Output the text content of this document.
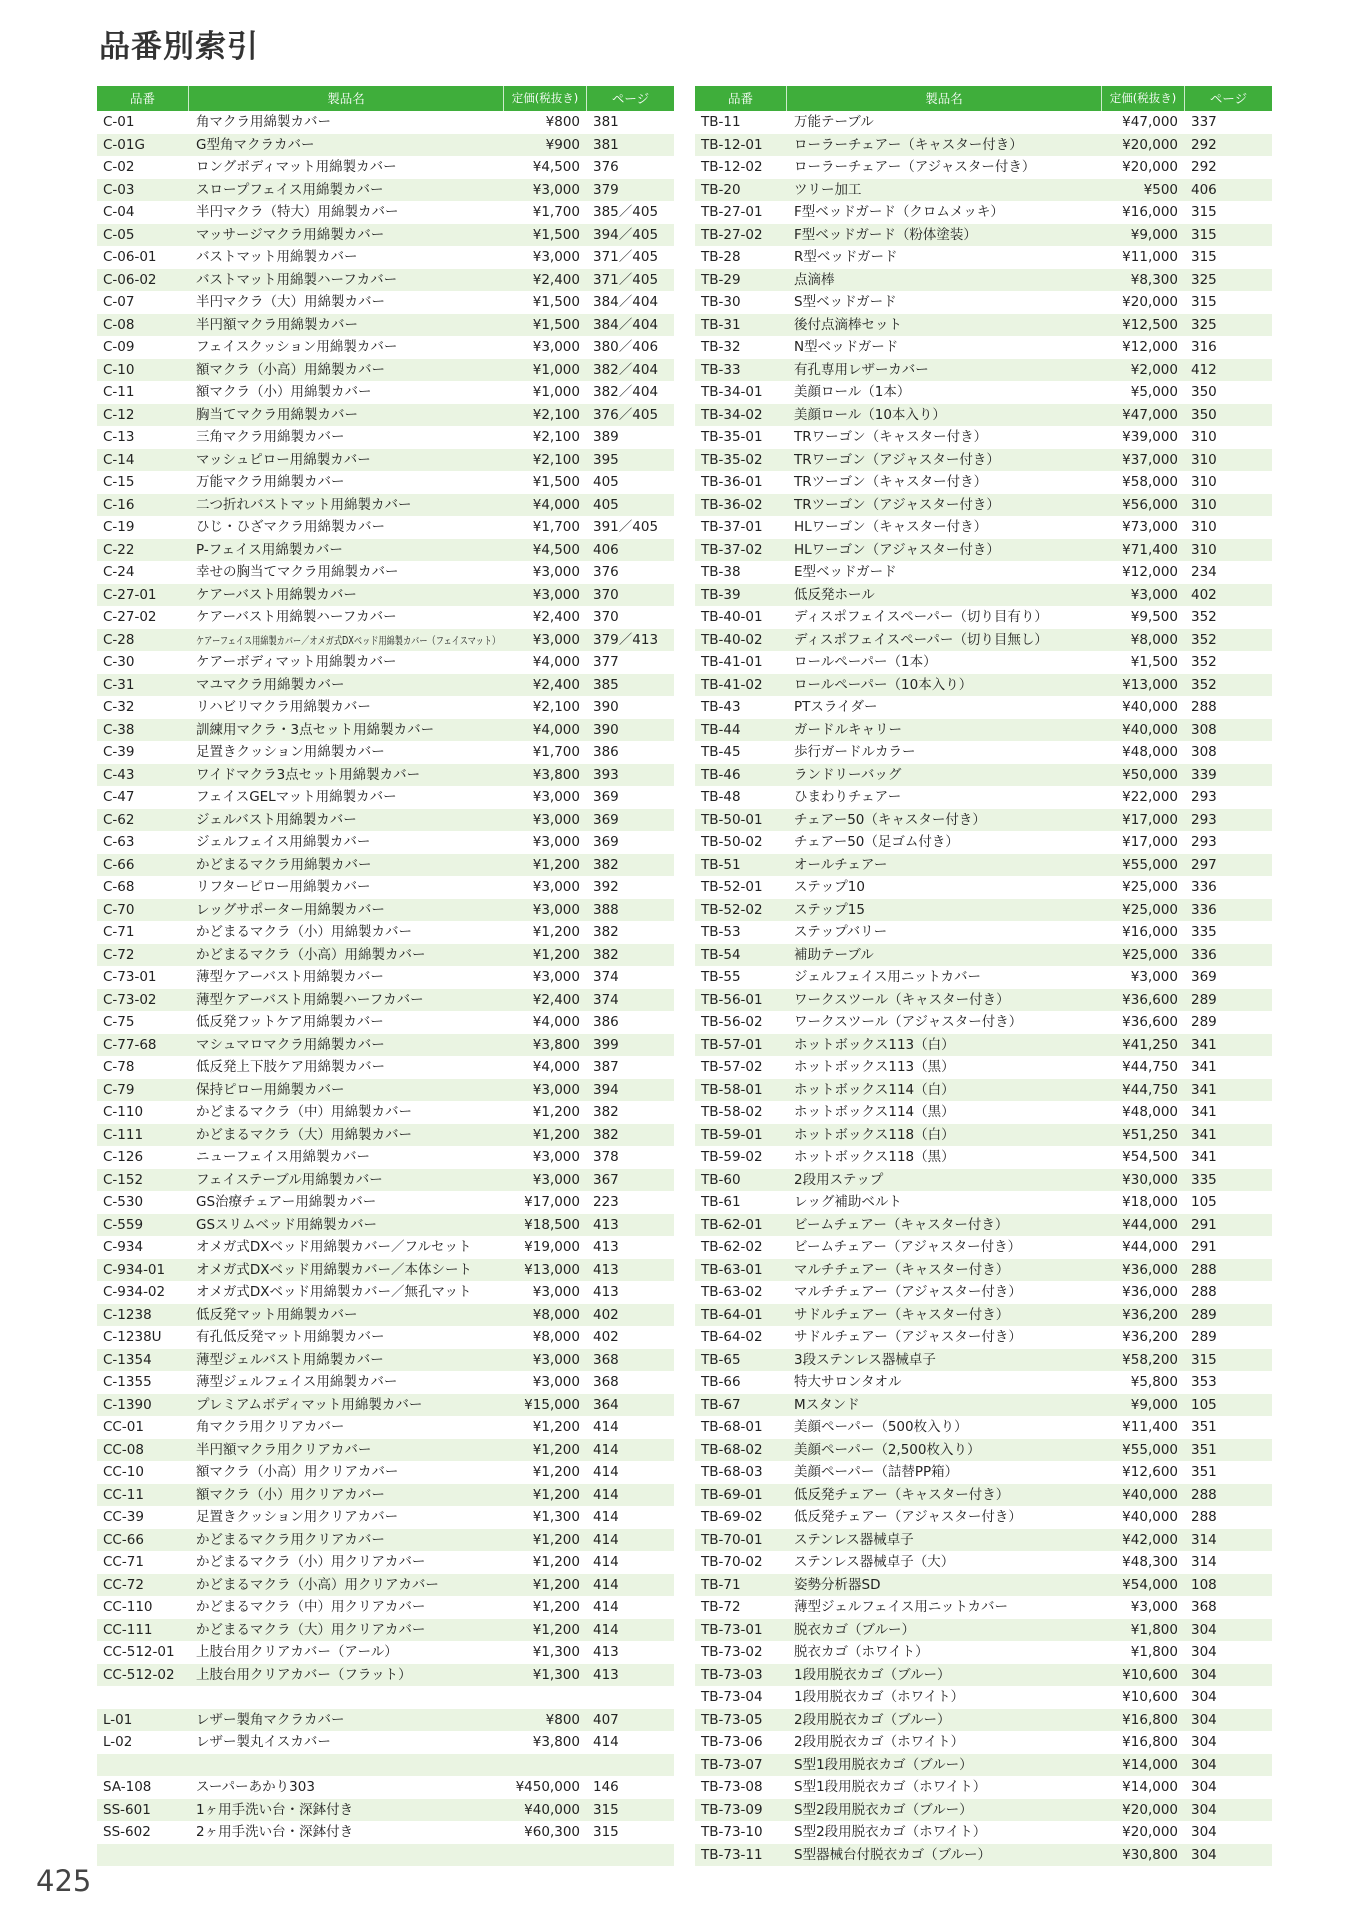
品番別索引
品番	製品名	定価(税抜き)	ページ
C-01	角マクラ用綿製カバー	¥800 381
C-01G	G型角マクラカバー	¥900 381
C-02	ロングボディマット用綿製カバー	¥4,500 376
C-03	スロープフェイス用綿製カバー	¥3,000 379
C-04	半円マクラ（特大）用綿製カバー	¥1,700 385／405
C-05	マッサージマクラ用綿製カバー	¥1,500 394／405
C-06-01	バストマット用綿製カバー	¥3,000 371／405
C-06-02	バストマット用綿製ハーフカバー	¥2,400 371／405
C-07	半円マクラ（大）用綿製カバー	¥1,500 384／404
C-08	半円額マクラ用綿製カバー	¥1,500 384／404
C-09	フェイスクッション用綿製カバー	¥3,000 380／406
C-10	額マクラ（小高）用綿製カバー	¥1,000 382／404
C-11	額マクラ（小）用綿製カバー	¥1,000 382／404
C-12	胸当てマクラ用綿製カバー	¥2,100 376／405
C-13	三角マクラ用綿製カバー	¥2,100 389
C-14	マッシュピロー用綿製カバー	¥2,100 395
C-15	万能マクラ用綿製カバー	¥1,500 405
C-16	二つ折れバストマット用綿製カバー	¥4,000 405
C-19	ひじ・ひざマクラ用綿製カバー	¥1,700 391／405
C-22	P-フェイス用綿製カバー	¥4,500 406
C-24	幸せの胸当てマクラ用綿製カバー	¥3,000 376
C-27-01	ケアーバスト用綿製カバー	¥3,000 370
C-27-02	ケアーバスト用綿製ハーフカバー	¥2,400 370
C-28	ケアーフェイス用綿製カバー／オメガ式DXベッド用綿製カバー（フェイスマット）	¥3,000 379／413
C-30	ケアーボディマット用綿製カバー	¥4,000 377
C-31	マユマクラ用綿製カバー	¥2,400 385
C-32	リハビリマクラ用綿製カバー	¥2,100 390
C-38	訓練用マクラ・3点セット用綿製カバー	¥4,000 390
C-39	足置きクッション用綿製カバー	¥1,700 386
C-43	ワイドマクラ3点セット用綿製カバー	¥3,800 393
C-47	フェイスGELマット用綿製カバー	¥3,000 369
C-62	ジェルバスト用綿製カバー	¥3,000 369
C-63	ジェルフェイス用綿製カバー	¥3,000 369
C-66	かどまるマクラ用綿製カバー	¥1,200 382
C-68	リフターピロー用綿製カバー	¥3,000 392
C-70	レッグサポーター用綿製カバー	¥3,000 388
C-71	かどまるマクラ（小）用綿製カバー	¥1,200 382
C-72	かどまるマクラ（小高）用綿製カバー	¥1,200 382
C-73-01	薄型ケアーバスト用綿製カバー	¥3,000 374
C-73-02	薄型ケアーバスト用綿製ハーフカバー	¥2,400 374
C-75	低反発フットケア用綿製カバー	¥4,000 386
C-77-68	マシュマロマクラ用綿製カバー	¥3,800 399
C-78	低反発上下肢ケア用綿製カバー	¥4,000 387
C-79	保持ピロー用綿製カバー	¥3,000 394
C-110	かどまるマクラ（中）用綿製カバー	¥1,200 382
C-111	かどまるマクラ（大）用綿製カバー	¥1,200 382
C-126	ニューフェイス用綿製カバー	¥3,000 378
C-152	フェイステーブル用綿製カバー	¥3,000 367
C-530	GS治療チェアー用綿製カバー	¥17,000 223
C-559	GSスリムベッド用綿製カバー	¥18,500 413
C-934	オメガ式DXベッド用綿製カバー／フルセット	¥19,000 413
C-934-01	オメガ式DXベッド用綿製カバー／本体シート	¥13,000 413
C-934-02	オメガ式DXベッド用綿製カバー／無孔マット	¥3,000 413
C-1238	低反発マット用綿製カバー	¥8,000 402
C-1238U	有孔低反発マット用綿製カバー	¥8,000 402
C-1354	薄型ジェルバスト用綿製カバー	¥3,000 368
C-1355	薄型ジェルフェイス用綿製カバー	¥3,000 368
C-1390	プレミアムボディマット用綿製カバー	¥15,000 364
CC-01	角マクラ用クリアカバー	¥1,200 414
CC-08	半円額マクラ用クリアカバー	¥1,200 414
CC-10	額マクラ（小高）用クリアカバー	¥1,200 414
CC-11	額マクラ（小）用クリアカバー	¥1,200 414
CC-39	足置きクッション用クリアカバー	¥1,300 414
CC-66	かどまるマクラ用クリアカバー	¥1,200 414
CC-71	かどまるマクラ（小）用クリアカバー	¥1,200 414
CC-72	かどまるマクラ（小高）用クリアカバー	¥1,200 414
CC-110	かどまるマクラ（中）用クリアカバー	¥1,200 414
CC-111	かどまるマクラ（大）用クリアカバー	¥1,200 414
CC-512-01	上肢台用クリアカバー（アール）	¥1,300 413
CC-512-02	上肢台用クリアカバー（フラット）	¥1,300 413
L-01	レザー製角マクラカバー	¥800 407
L-02	レザー製丸イスカバー	¥3,800 414
SA-108	スーパーあかり303	¥450,000 146
SS-601	1ヶ用手洗い台・深鉢付き	¥40,000 315
SS-602	2ヶ用手洗い台・深鉢付き	¥60,300 315
品番	製品名	定価(税抜き)	ページ
TB-11	万能テーブル	¥47,000 337
TB-12-01	ローラーチェアー（キャスター付き）	¥20,000 292
TB-12-02	ローラーチェアー（アジャスター付き）	¥20,000 292
TB-20	ツリー加工	¥500 406
TB-27-01	F型ベッドガード（クロムメッキ）	¥16,000 315
TB-27-02	F型ベッドガード（粉体塗装）	¥9,000 315
TB-28	R型ベッドガード	¥11,000 315
TB-29	点滴棒	¥8,300 325
TB-30	S型ベッドガード	¥20,000 315
TB-31	後付点滴棒セット	¥12,500 325
TB-32	N型ベッドガード	¥12,000 316
TB-33	有孔専用レザーカバー	¥2,000 412
TB-34-01	美顔ロール（1本）	¥5,000 350
TB-34-02	美顔ロール（10本入り）	¥47,000 350
TB-35-01	TRワーゴン（キャスター付き）	¥39,000 310
TB-35-02	TRワーゴン（アジャスター付き）	¥37,000 310
TB-36-01	TRツーゴン（キャスター付き）	¥58,000 310
TB-36-02	TRツーゴン（アジャスター付き）	¥56,000 310
TB-37-01	HLワーゴン（キャスター付き）	¥73,000 310
TB-37-02	HLワーゴン（アジャスター付き）	¥71,400 310
TB-38	E型ベッドガード	¥12,000 234
TB-39	低反発ホール	¥3,000 402
TB-40-01	ディスポフェイスペーパー（切り目有り）	¥9,500 352
TB-40-02	ディスポフェイスペーパー（切り目無し）	¥8,000 352
TB-41-01	ロールペーパー（1本）	¥1,500 352
TB-41-02	ロールペーパー（10本入り）	¥13,000 352
TB-43	PTスライダー	¥40,000 288
TB-44	ガードルキャリー	¥40,000 308
TB-45	歩行ガードルカラー	¥48,000 308
TB-46	ランドリーバッグ	¥50,000 339
TB-48	ひまわりチェアー	¥22,000 293
TB-50-01	チェアー50（キャスター付き）	¥17,000 293
TB-50-02	チェアー50（足ゴム付き）	¥17,000 293
TB-51	オールチェアー	¥55,000 297
TB-52-01	ステップ10	¥25,000 336
TB-52-02	ステップ15	¥25,000 336
TB-53	ステップバリー	¥16,000 335
TB-54	補助テーブル	¥25,000 336
TB-55	ジェルフェイス用ニットカバー	¥3,000 369
TB-56-01	ワークスツール（キャスター付き）	¥36,600 289
TB-56-02	ワークスツール（アジャスター付き）	¥36,600 289
TB-57-01	ホットボックス113（白）	¥41,250 341
TB-57-02	ホットボックス113（黒）	¥44,750 341
TB-58-01	ホットボックス114（白）	¥44,750 341
TB-58-02	ホットボックス114（黒）	¥48,000 341
TB-59-01	ホットボックス118（白）	¥51,250 341
TB-59-02	ホットボックス118（黒）	¥54,500 341
TB-60	2段用ステップ	¥30,000 335
TB-61	レッグ補助ベルト	¥18,000 105
TB-62-01	ビームチェアー（キャスター付き）	¥44,000 291
TB-62-02	ビームチェアー（アジャスター付き）	¥44,000 291
TB-63-01	マルチチェアー（キャスター付き）	¥36,000 288
TB-63-02	マルチチェアー（アジャスター付き）	¥36,000 288
TB-64-01	サドルチェアー（キャスター付き）	¥36,200 289
TB-64-02	サドルチェアー（アジャスター付き）	¥36,200 289
TB-65	3段ステンレス器械卓子	¥58,200 315
TB-66	特大サロンタオル	¥5,800 353
TB-67	Mスタンド	¥9,000 105
TB-68-01	美顔ペーパー（500枚入り）	¥11,400 351
TB-68-02	美顔ペーパー（2,500枚入り）	¥55,000 351
TB-68-03	美顔ペーパー（詰替PP箱）	¥12,600 351
TB-69-01	低反発チェアー（キャスター付き）	¥40,000 288
TB-69-02	低反発チェアー（アジャスター付き）	¥40,000 288
TB-70-01	ステンレス器械卓子	¥42,000 314
TB-70-02	ステンレス器械卓子（大）	¥48,300 314
TB-71	姿勢分析器SD	¥54,000 108
TB-72	薄型ジェルフェイス用ニットカバー	¥3,000 368
TB-73-01	脱衣カゴ（ブルー）	¥1,800 304
TB-73-02	脱衣カゴ（ホワイト）	¥1,800 304
TB-73-03	1段用脱衣カゴ（ブルー）	¥10,600 304
TB-73-04	1段用脱衣カゴ（ホワイト）	¥10,600 304
TB-73-05	2段用脱衣カゴ（ブルー）	¥16,800 304
TB-73-06	2段用脱衣カゴ（ホワイト）	¥16,800 304
TB-73-07	S型1段用脱衣カゴ（ブルー）	¥14,000 304
TB-73-08	S型1段用脱衣カゴ（ホワイト）	¥14,000 304
TB-73-09	S型2段用脱衣カゴ（ブルー）	¥20,000 304
TB-73-10	S型2段用脱衣カゴ（ホワイト）	¥20,000 304
TB-73-11	S型器械台付脱衣カゴ（ブルー）	¥30,800 304
425
